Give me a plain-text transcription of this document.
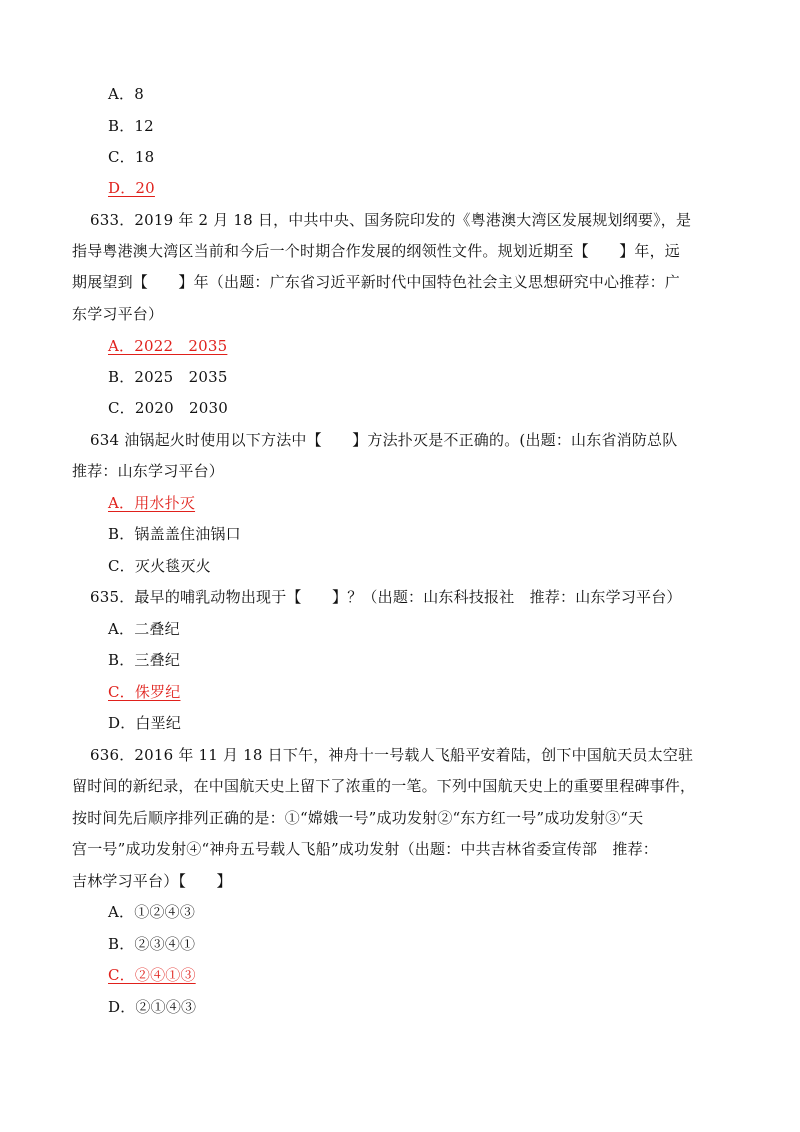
A．8
B．12
C．18
D．20
633．2019 年 2 月 18 日，中共中央、国务院印发的《粤港澳大湾区发展规划纲要》，是
指导粤港澳大湾区当前和今后一个时期合作发展的纲领性文件。规划近期至【　　】年，远
期展望到【　　】年（出题：广东省习近平新时代中国特色社会主义思想研究中心推荐：广
东学习平台）
A．2022　2035
B．2025　2035
C．2020　2030
634 油锅起火时使用以下方法中【　　】方法扑灭是不正确的。(出题：山东省消防总队
推荐：山东学习平台）
A．用水扑灭
B．锅盖盖住油锅口
C．灭火毯灭火
635．最早的哺乳动物出现于【　　】？（出题：山东科技报社　推荐：山东学习平台）
A．二叠纪
B．三叠纪
C．侏罗纪
D．白垩纪
636．2016 年 11 月 18 日下午，神舟十一号载人飞船平安着陆，创下中国航天员太空驻
留时间的新纪录，在中国航天史上留下了浓重的一笔。下列中国航天史上的重要里程碑事件，
按时间先后顺序排列正确的是：①“嫦娥一号”成功发射②“东方红一号”成功发射③“天
宫一号”成功发射④“神舟五号载人飞船”成功发射（出题：中共吉林省委宣传部　推荐：
吉林学习平台）【　　】
A．①②④③
B．②③④①
C．②④①③
D．②①④③
